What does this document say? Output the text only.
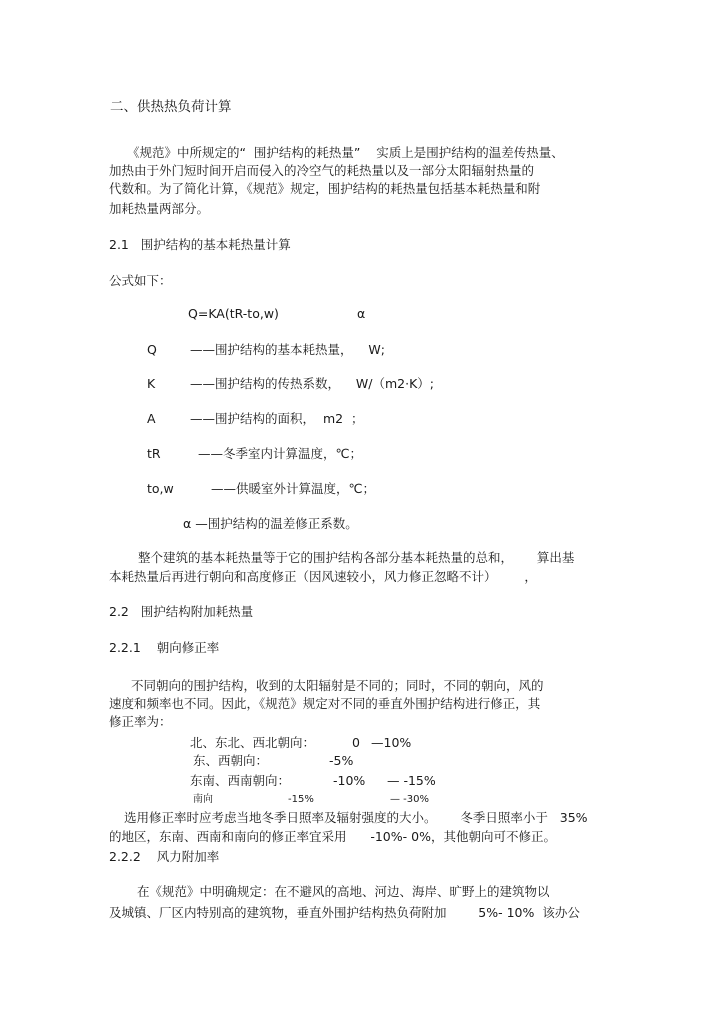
二、供热热负荷计算
《规范》中所规定的“  围护结构的耗热量”    实质上是围护结构的温差传热量、
加热由于外门短时间开启而侵入的冷空气的耗热量以及一部分太阳辐射热量的
代数和。为了简化计算，《规范》规定，围护结构的耗热量包括基本耗热量和附
加耗热量两部分。
2.1   围护结构的基本耗热量计算
公式如下：
Q=KA(tR-to,w)	α
Q	——围护结构的基本耗热量，    W;
K	——围护结构的传热系数，    W/（m2·K）;
A	——围护结构的面积，  m2  ；
tR	——冬季室内计算温度，℃；
to,w	——供暖室外计算温度，℃；
α —围护结构的温差修正系数。
整个建筑的基本耗热量等于它的围护结构各部分基本耗热量的总和，      算出基
本耗热量后再进行朝向和高度修正（因风速较小，风力修正忽略不计）       ，
2.2   围护结构附加耗热量
2.2.1    朝向修正率
不同朝向的围护结构，收到的太阳辐射是不同的；同时，不同的朝向，风的
速度和频率也不同。因此，《规范》规定对不同的垂直外围护结构进行修正，其
修正率为：
北、东北、西北朝向：	0 —10%
东、西朝向：	-5%
东南、西南朝向：	-10% — -15%
南向	-15%	— -30%
选用修正率时应考虑当地冬季日照率及辐射强度的大小。      冬季日照率小于   35%
的地区，东南、西南和南向的修正率宜采用      -10%- 0%，其他朝向可不修正。
2.2.2    风力附加率
在《规范》中明确规定：在不避风的高地、河边、海岸、旷野上的建筑物以
及城镇、厂区内特别高的建筑物，垂直外围护结构热负荷附加        5%- 10%  该办公
